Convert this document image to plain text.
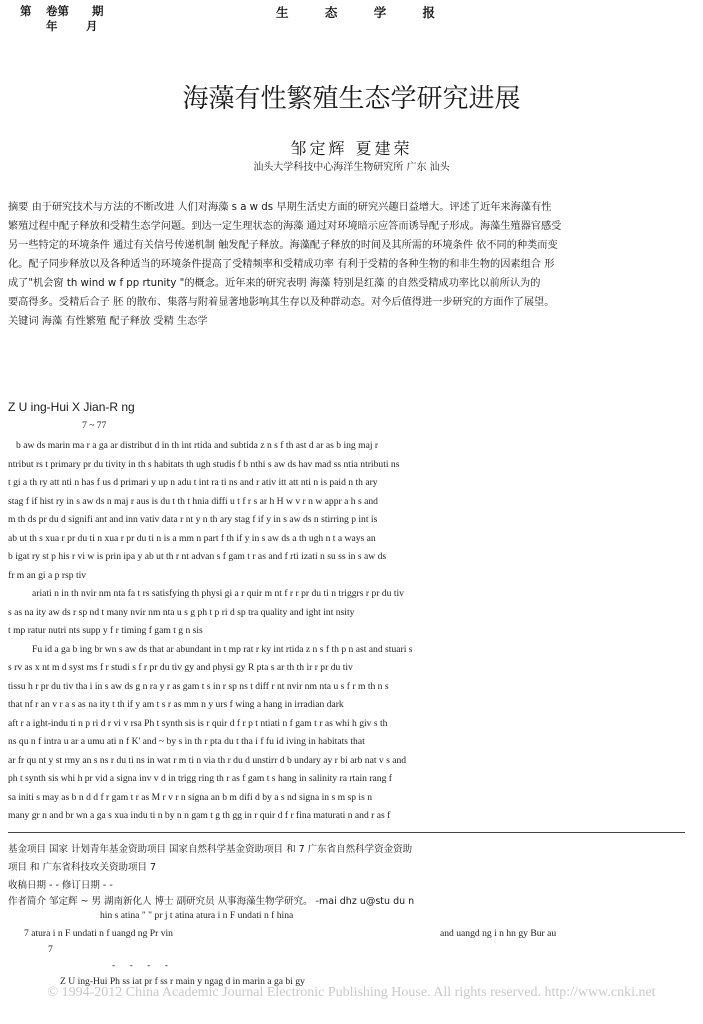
第 卷第 期
年 月
生 态 学 报
海藻有性繁殖生态学研究进展
邹定辉 夏建荣
汕头大学科技中心海洋生物研究所 广东 汕头
摘要 由于研究技术与方法的不断改进 人们对海藻 s a w ds 早期生活史方面的研究兴趣日益增大。评述了近年来海藻有性
繁殖过程中配子释放和受精生态学问题。到达一定生理状态的海藻 通过对环境暗示应答而诱导配子形成。海藻生殖器官感受
另一些特定的环境条件 通过有关信号传递机制 触发配子释放。海藻配子释放的时间及其所需的环境条件 依不同的种类而变
化。配子同步释放以及各种适当的环境条件提高了受精频率和受精成功率 有利于受精的各种生物的和非生物的因素组合 形
成了"机会窗 th wind w f pp rtunity "的概念。近年来的研究表明 海藻 特别是红藻 的自然受精成功率比以前所认为的
要高得多。受精后合子 胚 的散布、集落与附着显著地影响其生存以及种群动态。对今后值得进一步研究的方面作了展望。
关键词 海藻 有性繁殖 配子释放 受精 生态学
Z U ing-Hui X Jian-R ng
7 ~ 77
b aw ds marin ma r a ga ar distribut d in th int rtida and subtida z n s f th ast d ar as b ing maj r
ntribut rs t primary pr du tivity in th s habitats th ugh studis f b nthi s aw ds hav mad ss ntia ntributi ns
t gi a th ry att nti n has f us d primari y up n adu t int ra ti ns and r ativ itt att nti n is paid n th ary
stag f if hist ry in s aw ds n maj r aus is du t th t hnia diffi u t f r s ar h H w v r n w appr a h s and
m th ds pr du d signifi ant and inn vativ data r nt y n th ary stag f if y in s aw ds n stirring p int is
ab ut th s xua r pr du ti n xua r pr du ti n is a mm n part f th if y in s aw ds a th ugh n t a ways an
b igat ry st p his r vi w is prin ipa y ab ut th r nt advan s f gam t r as and f rti izati n su ss in s aw ds
fr m an gi a p rsp tiv
ariati n in th nvir nm nta fa t rs satisfying th physi gi a r quir m nt f r r pr du ti n triggrs r pr du tiv
s as na ity aw ds r sp nd t many nvir nm nta u s g ph t p ri d sp tra quality and ight int nsity
t mp ratur nutri nts supp y f r timing f gam t g n sis
Fu id a ga b ing br wn s aw ds that ar abundant in t mp rat r ky int rtida z n s f th p n ast and stuari s
s rv as x nt m d syst ms f r studi s f r pr du tiv gy and physi gy R pta s ar th th ir r pr du tiv
tissu h r pr du tiv tha i in s aw ds g n ra y r as gam t s in r sp ns t diff r nt nvir nm nta u s f r m th n s
that nf r an v r a s as na ity t th if y am t s r as mm n y urs f wing a hang in irradian dark
aft r a ight-indu ti n p ri d r vi v rsa Ph t synth sis is r quir d f r p t ntiati n f gam t r as whi h giv s th
ns qu n f intra u ar a umu ati n f K' and ~ by s in th r pta du t tha i f fu id iving in habitats that
ar fr qu nt y st rmy an s ns r du ti ns in wat r m ti n via th r du d unstirr d b undary ay r bi arb nat v s and
ph t synth sis whi h pr vid a signa inv v d in trigg ring th r as f gam t s hang in salinity ra rtain rang f
sa initi s may as b n d d f r gam t r as M r v r n signa an b m difi d by a s nd signa in s m sp is n
many gr n and br wn a ga s xua indu ti n by n n gam t g th gg in r quir d f r fina maturati n and r as f
基金项目 国家 计划青年基金资助项目 国家自然科学基金资助项目 和 7 广东省自然科学资金资助
项目 和 广东省科技攻关资助项目 7
收稿日期 - - 修订日期 - -
作者简介 邹定辉 ~ 男 湖南新化人 博士 副研究员 从事海藻生物学研究。 -mai dhz u@stu du n
hin s atina " " pr j t atina atura i n F undati n f hina
7 atura i n F undati n f uangd ng Pr vin	and uangd ng i n hn gy Bur au
7
- - - -
Z U ing-Hui Ph ss iat pr f ss r main y ngag d in marin a ga bi gy
© 1994-2012 China Academic Journal Electronic Publishing House. All rights reserved. http://www.cnki.net
